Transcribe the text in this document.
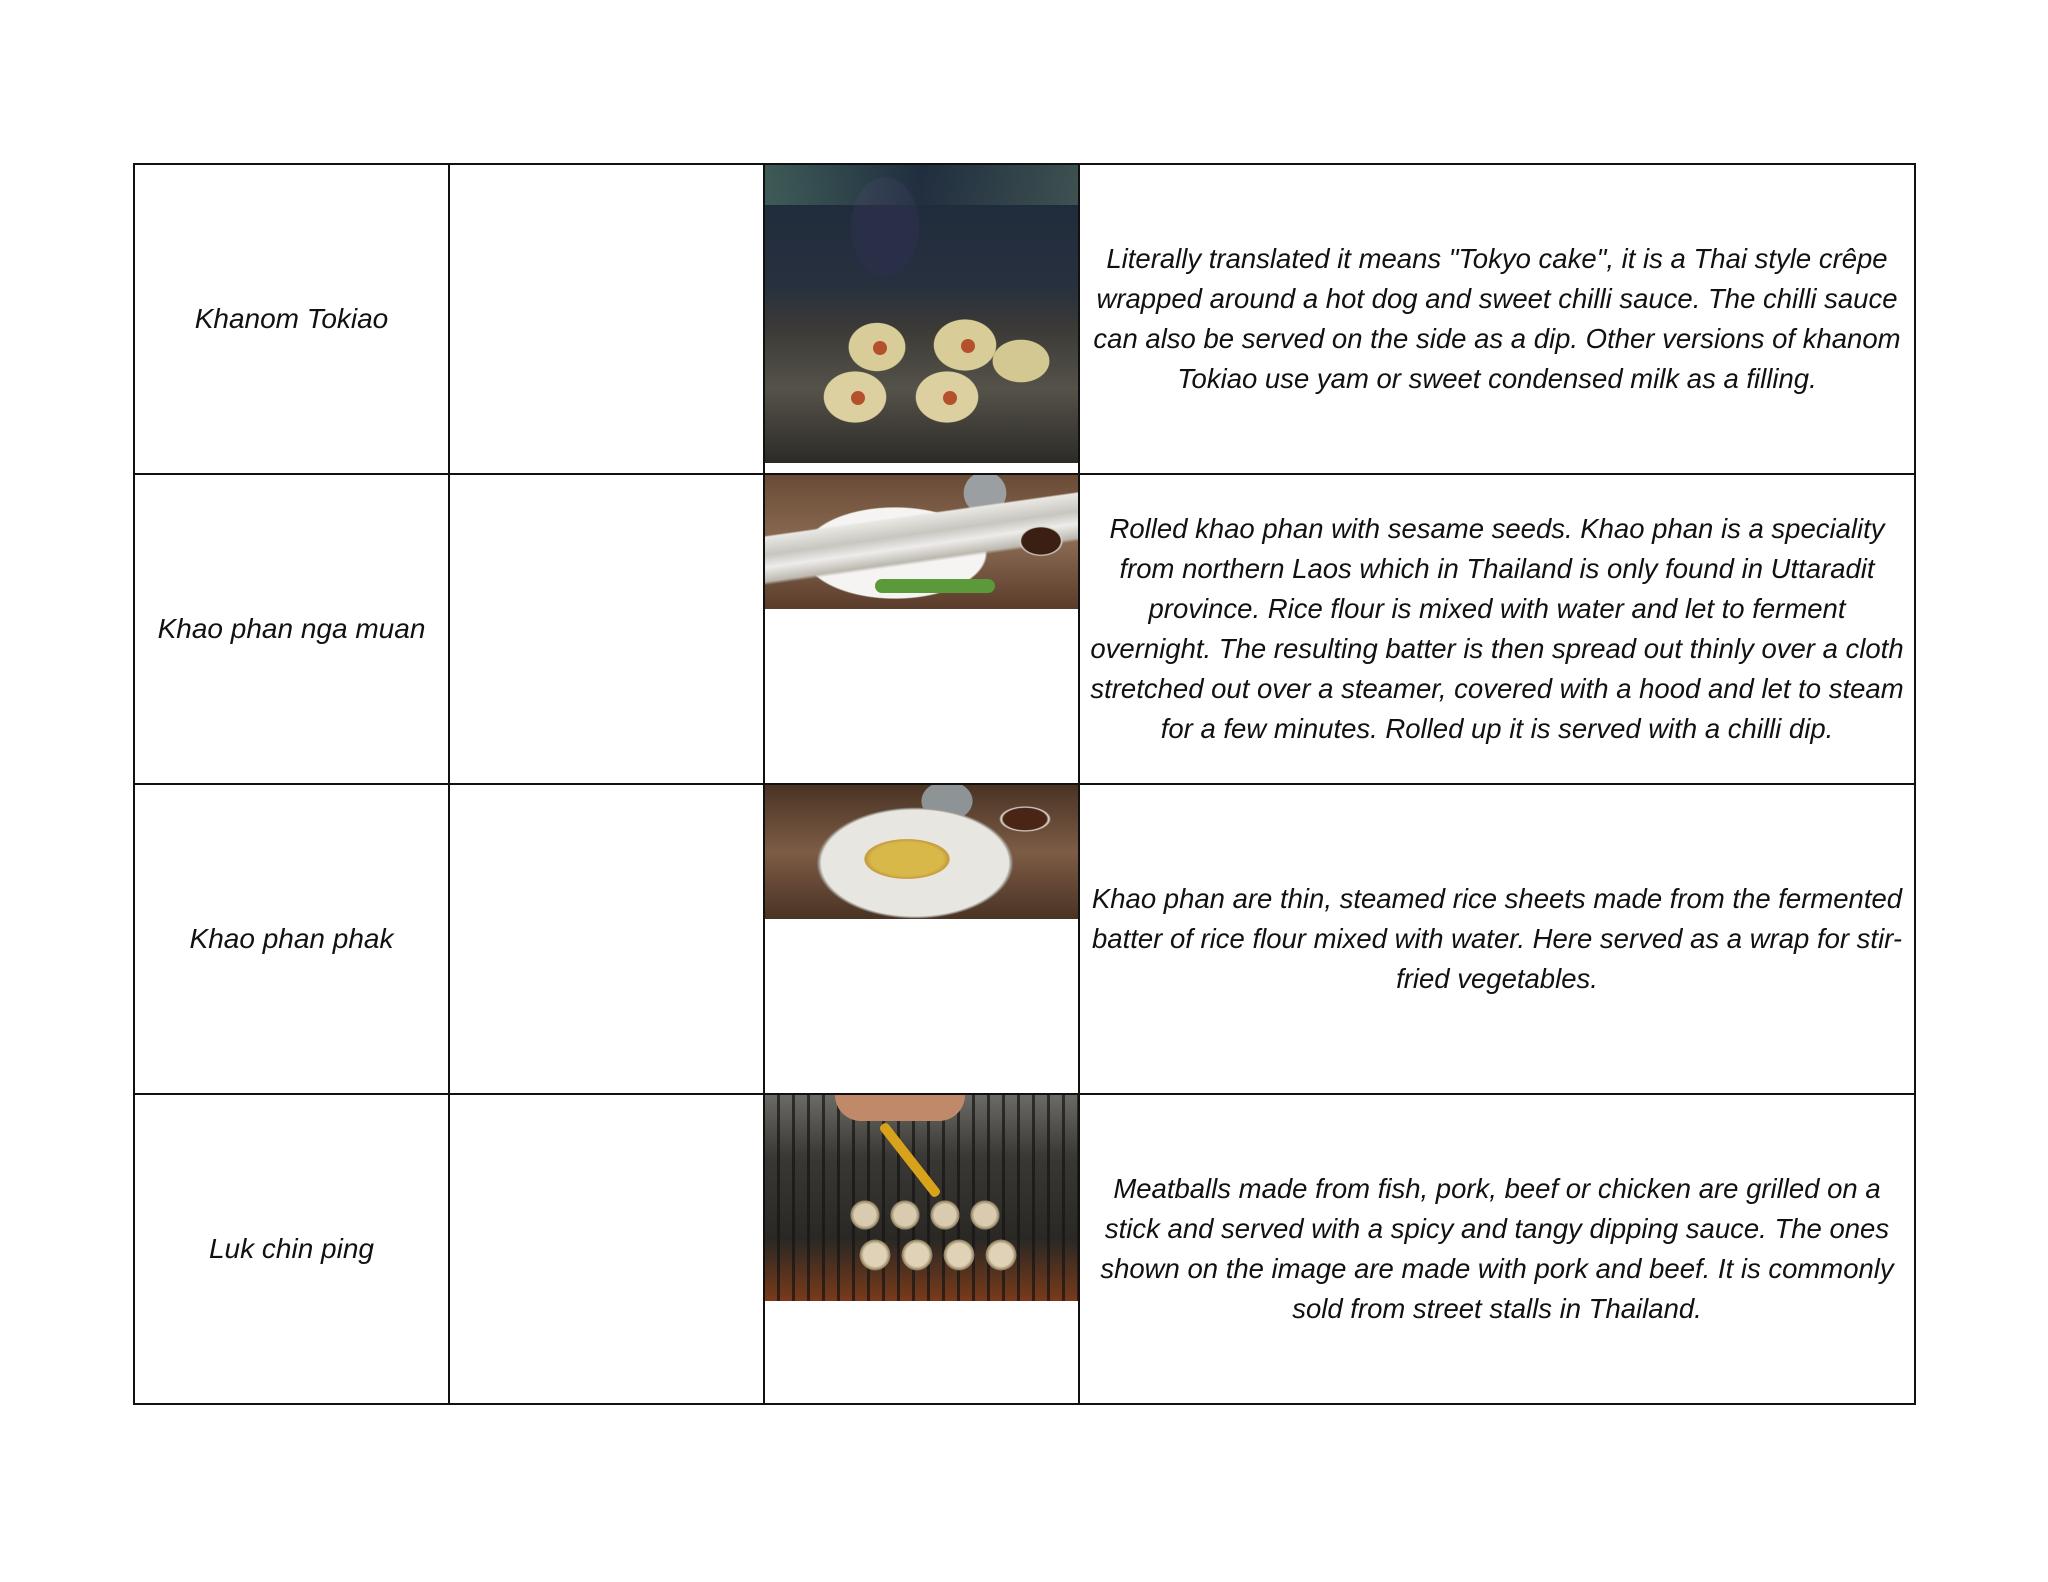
Khanom Tokiao			Literally translated it means "Tokyo cake", it is a Thai style crêpe wrapped around a hot dog and sweet chilli sauce. The chilli sauce can also be served on the side as a dip. Other versions of khanom Tokiao use yam or sweet condensed milk as a filling.
Khao phan nga muan			Rolled khao phan with sesame seeds. Khao phan is a speciality from northern Laos which in Thailand is only found in Uttaradit province. Rice flour is mixed with water and let to ferment overnight. The resulting batter is then spread out thinly over a cloth stretched out over a steamer, covered with a hood and let to steam for a few minutes. Rolled up it is served with a chilli dip.
Khao phan phak			Khao phan are thin, steamed rice sheets made from the fermented batter of rice flour mixed with water. Here served as a wrap for stir-fried vegetables.
Luk chin ping			Meatballs made from fish, pork, beef or chicken are grilled on a stick and served with a spicy and tangy dipping sauce. The ones shown on the image are made with pork and beef. It is commonly sold from street stalls in Thailand.
